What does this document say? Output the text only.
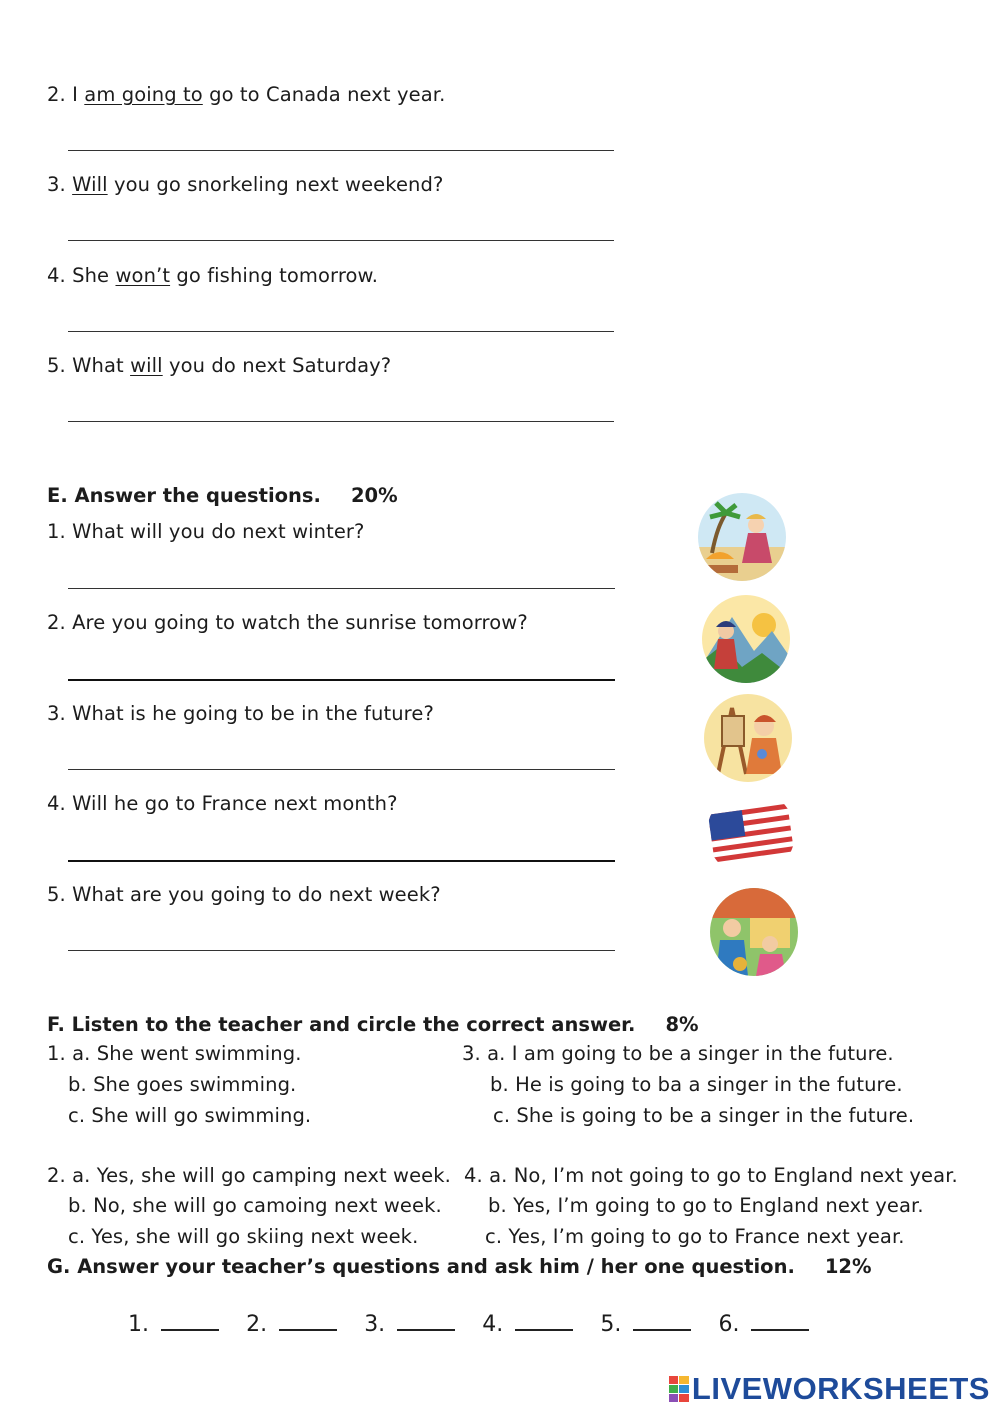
2. I am going to go to Canada next year.
3. Will you go snorkeling next weekend?
4. She won’t go fishing tomorrow.
5. What will you do next Saturday?
E. Answer the questions. 20%
1. What will you do next winter?
2. Are you going to watch the sunrise tomorrow?
3. What is he going to be in the future?
4. Will he go to France next month?
5. What are you going to do next week?
F. Listen to the teacher and circle the correct answer. 8%
1. a. She went swimming.
b. She goes swimming.
c. She will go swimming.
3. a. I am going to be a singer in the future.
b. He is going to ba a singer in the future.
c. She is going to be a singer in the future.
2. a. Yes, she will go camping next week.
b. No, she will go camoing next week.
c. Yes, she will go skiing next week.
4. a. No, I’m not going to go to England next year.
b. Yes, I’m going to go to England next year.
c. Yes, I’m going to go to France next year.
G. Answer your teacher’s questions and ask him / her one question. 12%
1.	2.	3.	4.	5.	6.
LIVEWORKSHEETS
